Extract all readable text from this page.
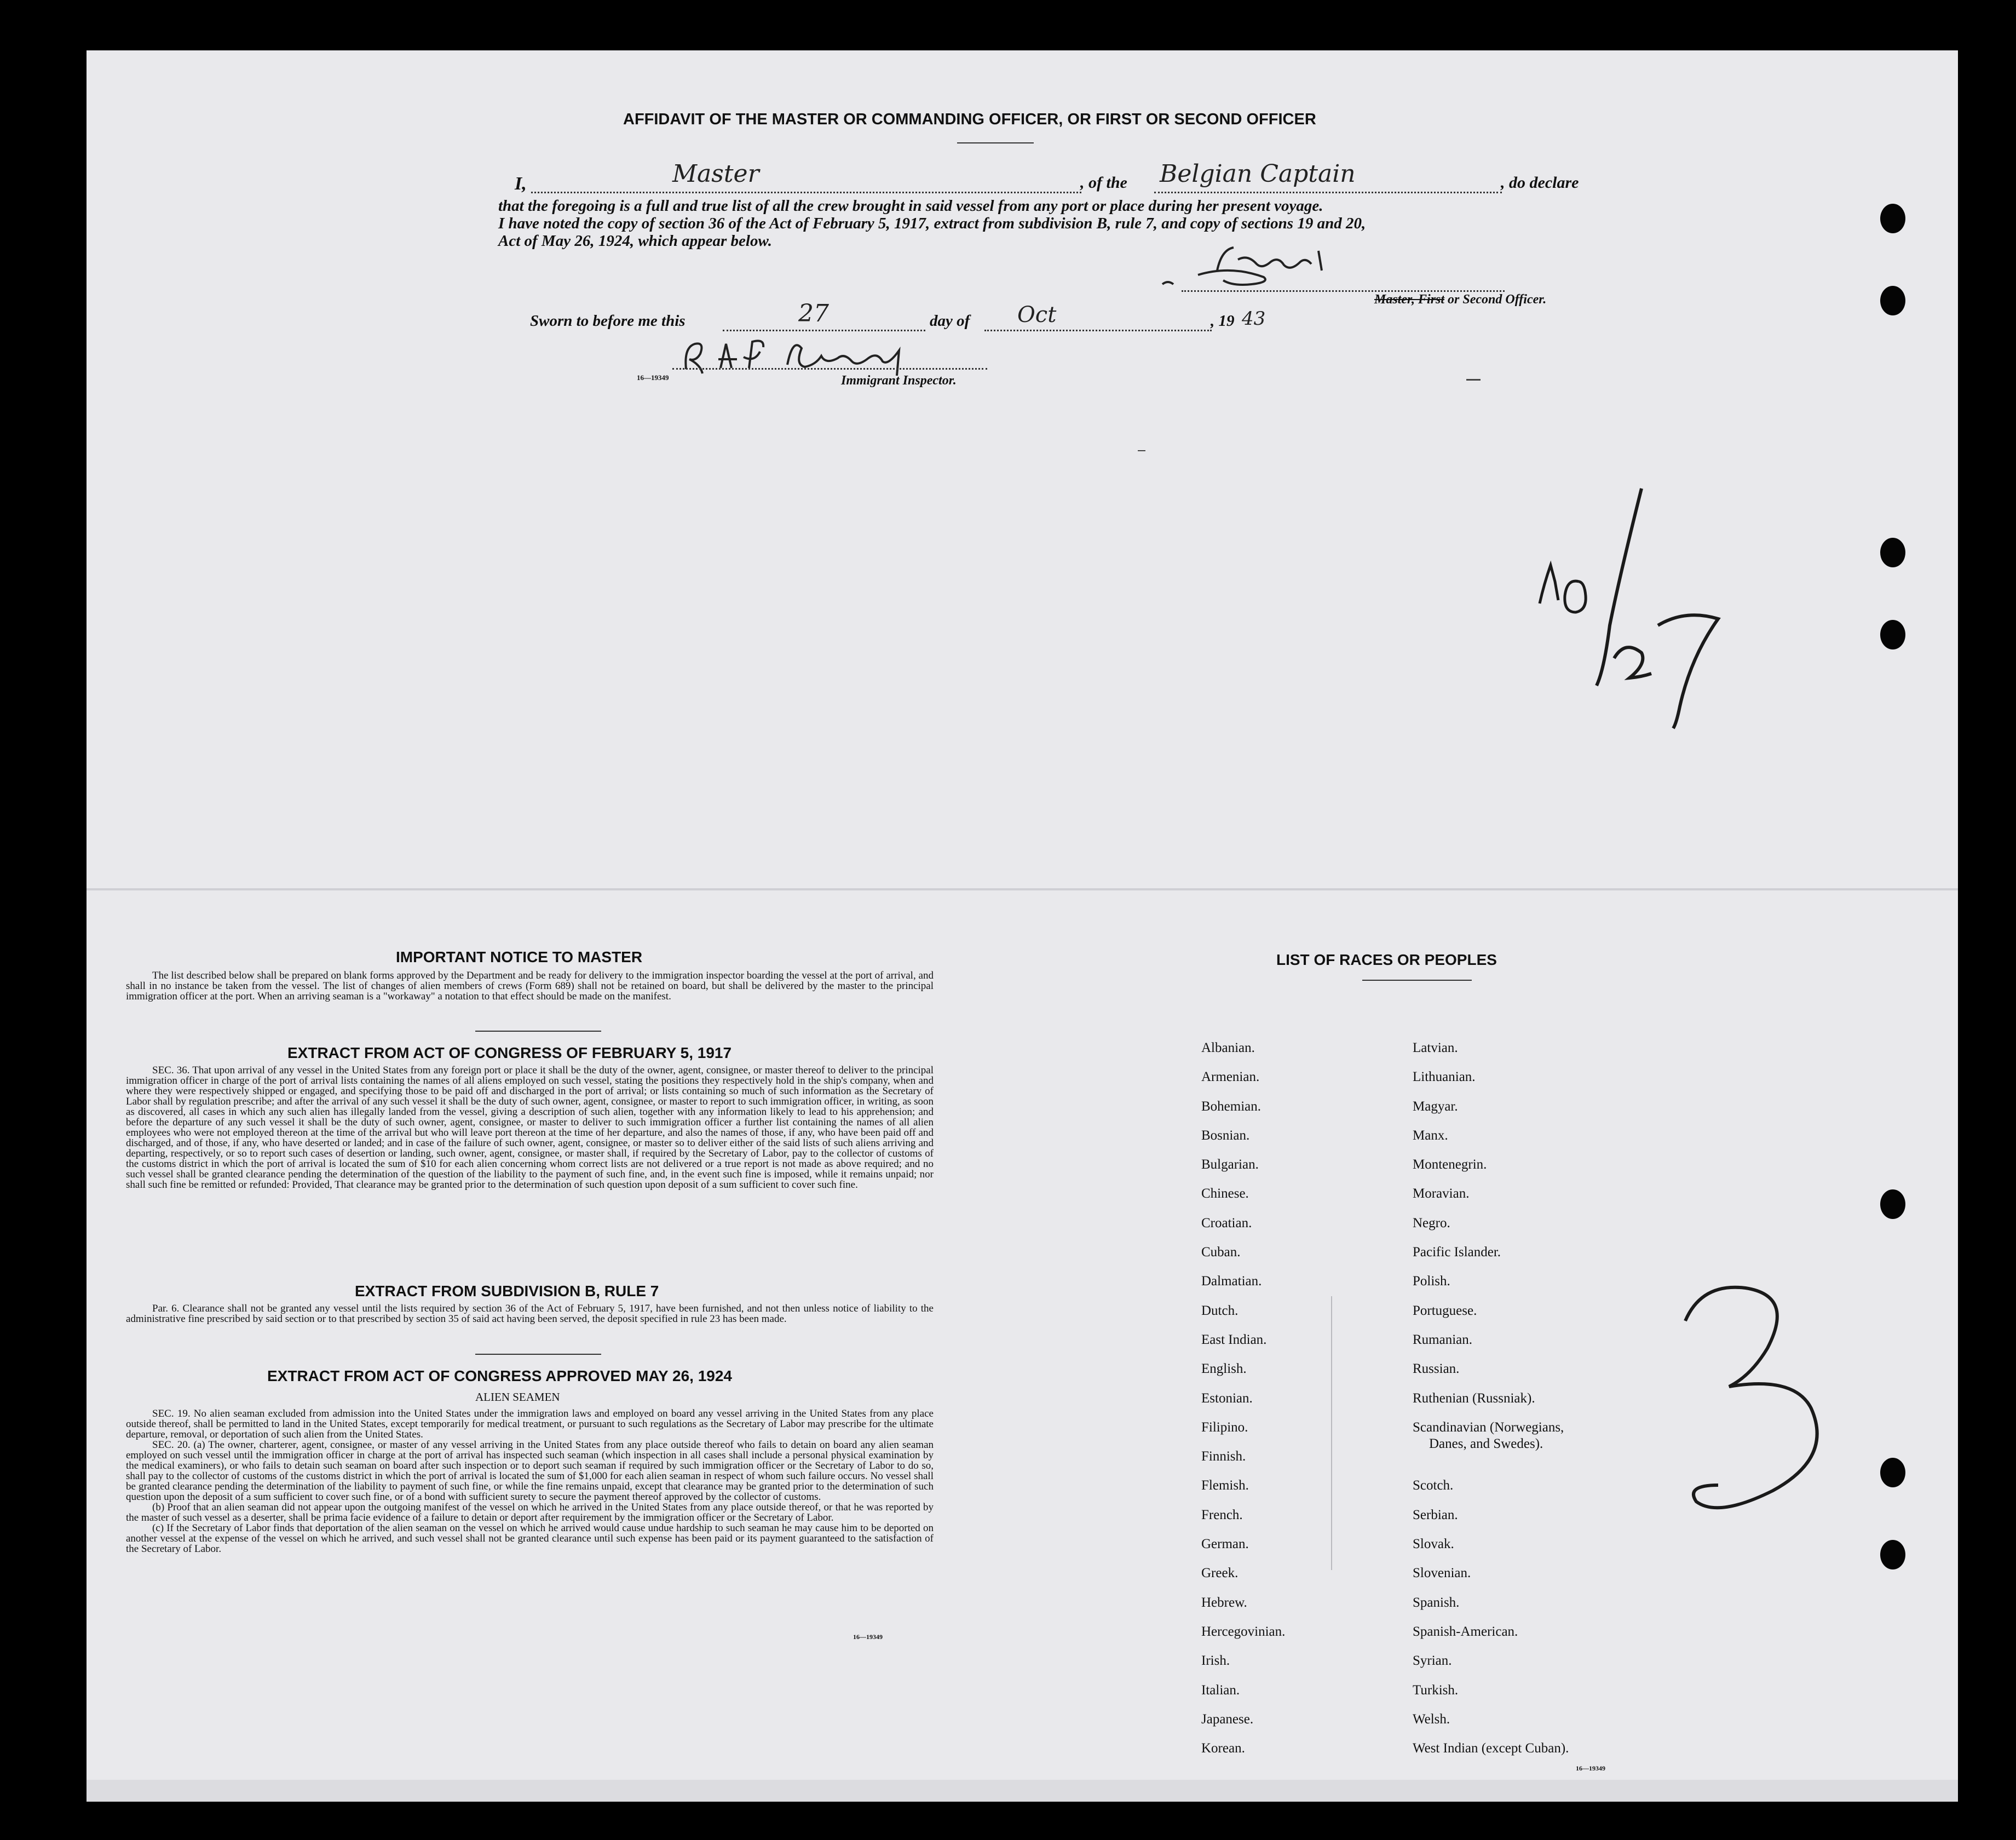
AFFIDAVIT OF THE MASTER OR COMMANDING OFFICER, OR FIRST OR SECOND OFFICER
I,	Master	, of the Belgian Captain	, do declare
that the foregoing is a full and true list of all the crew brought in said vessel from any port or place during her present voyage.
I have noted the copy of section 36 of the Act of February 5, 1917, extract from subdivision B, rule 7, and copy of sections 19 and 20,
Act of May 26, 1924, which appear below.
Master, First or Second Officer.
Sworn to before me this	27	day of Oct	, 19 43
16—19349	Immigrant Inspector.
IMPORTANT NOTICE TO MASTER

The list described below shall be prepared on blank forms approved by the Department and be ready for delivery to the immigration inspector boarding the vessel at the port of arrival, and shall in no instance be taken from the vessel. The list of changes of alien members of crews (Form 689) shall not be retained on board, but shall be delivered by the master to the principal immigration officer at the port. When an arriving seaman is a "workaway" a notation to that effect should be made on the manifest.

EXTRACT FROM ACT OF CONGRESS OF FEBRUARY 5, 1917

SEC. 36. That upon arrival of any vessel in the United States from any foreign port or place it shall be the duty of the owner, agent, consignee, or master thereof to deliver to the principal immigration officer in charge of the port of arrival lists containing the names of all aliens employed on such vessel, stating the positions they respectively hold in the ship's company, when and where they were respectively shipped or engaged, and specifying those to be paid off and discharged in the port of arrival; or lists containing so much of such information as the Secretary of Labor shall by regulation prescribe; and after the arrival of any such vessel it shall be the duty of such owner, agent, consignee, or master to report to such immigration officer, in writing, as soon as discovered, all cases in which any such alien has illegally landed from the vessel, giving a description of such alien, together with any information likely to lead to his apprehension; and before the departure of any such vessel it shall be the duty of such owner, agent, consignee, or master to deliver to such immigration officer a further list containing the names of all alien employees who were not employed thereon at the time of the arrival but who will leave port thereon at the time of her departure, and also the names of those, if any, who have been paid off and discharged, and of those, if any, who have deserted or landed; and in case of the failure of such owner, agent, consignee, or master so to deliver either of the said lists of such aliens arriving and departing, respectively, or so to report such cases of desertion or landing, such owner, agent, consignee, or master shall, if required by the Secretary of Labor, pay to the collector of customs of the customs district in which the port of arrival is located the sum of $10 for each alien concerning whom correct lists are not delivered or a true report is not made as above required; and no such vessel shall be granted clearance pending the determination of the question of the liability to the payment of such fine, and, in the event such fine is imposed, while it remains unpaid; nor shall such fine be remitted or refunded: Provided, That clearance may be granted prior to the determination of such question upon deposit of a sum sufficient to cover such fine.

EXTRACT FROM SUBDIVISION B, RULE 7

Par. 6. Clearance shall not be granted any vessel until the lists required by section 36 of the Act of February 5, 1917, have been furnished, and not then unless notice of liability to the administrative fine prescribed by said section or to that prescribed by section 35 of said act having been served, the deposit specified in rule 23 has been made.

EXTRACT FROM ACT OF CONGRESS APPROVED MAY 26, 1924
ALIEN SEAMEN

SEC. 19. No alien seaman excluded from admission into the United States under the immigration laws and employed on board any vessel arriving in the United States from any place outside thereof, shall be permitted to land in the United States, except temporarily for medical treatment, or pursuant to such regulations as the Secretary of Labor may prescribe for the ultimate departure, removal, or deportation of such alien from the United States.

SEC. 20. (a) The owner, charterer, agent, consignee, or master of any vessel arriving in the United States from any place outside thereof who fails to detain on board any alien seaman employed on such vessel until the immigration officer in charge at the port of arrival has inspected such seaman (which inspection in all cases shall include a personal physical examination by the medical examiners), or who fails to detain such seaman on board after such inspection or to deport such seaman if required by such immigration officer or the Secretary of Labor to do so, shall pay to the collector of customs of the customs district in which the port of arrival is located the sum of $1,000 for each alien seaman in respect of whom such failure occurs. No vessel shall be granted clearance pending the determination of the liability to payment of such fine, or while the fine remains unpaid, except that clearance may be granted prior to the determination of such question upon the deposit of a sum sufficient to cover such fine, or of a bond with sufficient surety to secure the payment thereof approved by the collector of customs.

(b) Proof that an alien seaman did not appear upon the outgoing manifest of the vessel on which he arrived in the United States from any place outside thereof, or that he was reported by the master of such vessel as a deserter, shall be prima facie evidence of a failure to detain or deport after requirement by the immigration officer or the Secretary of Labor.

(c) If the Secretary of Labor finds that deportation of the alien seaman on the vessel on which he arrived would cause undue hardship to such seaman he may cause him to be deported on another vessel at the expense of the vessel on which he arrived, and such vessel shall not be granted clearance until such expense has been paid or its payment guaranteed to the satisfaction of the Secretary of Labor.

16—19349
LIST OF RACES OR PEOPLES
Albanian.
Armenian.
Bohemian.
Bosnian.
Bulgarian.
Chinese.
Croatian.
Cuban.
Dalmatian.
Dutch.
East Indian.
English.
Estonian.
Filipino.
Finnish.
Flemish.
French.
German.
Greek.
Hebrew.
Hercegovinian.
Irish.
Italian.
Japanese.
Korean.
Latvian.
Lithuanian.
Magyar.
Manx.
Montenegrin.
Moravian.
Negro.
Pacific Islander.
Polish.
Portuguese.
Rumanian.
Russian.
Ruthenian (Russniak).
Scandinavian (Norwegians,
Danes, and Swedes).
Scotch.
Serbian.
Slovak.
Slovenian.
Spanish.
Spanish-American.
Syrian.
Turkish.
Welsh.
West Indian (except Cuban).
16—19349
